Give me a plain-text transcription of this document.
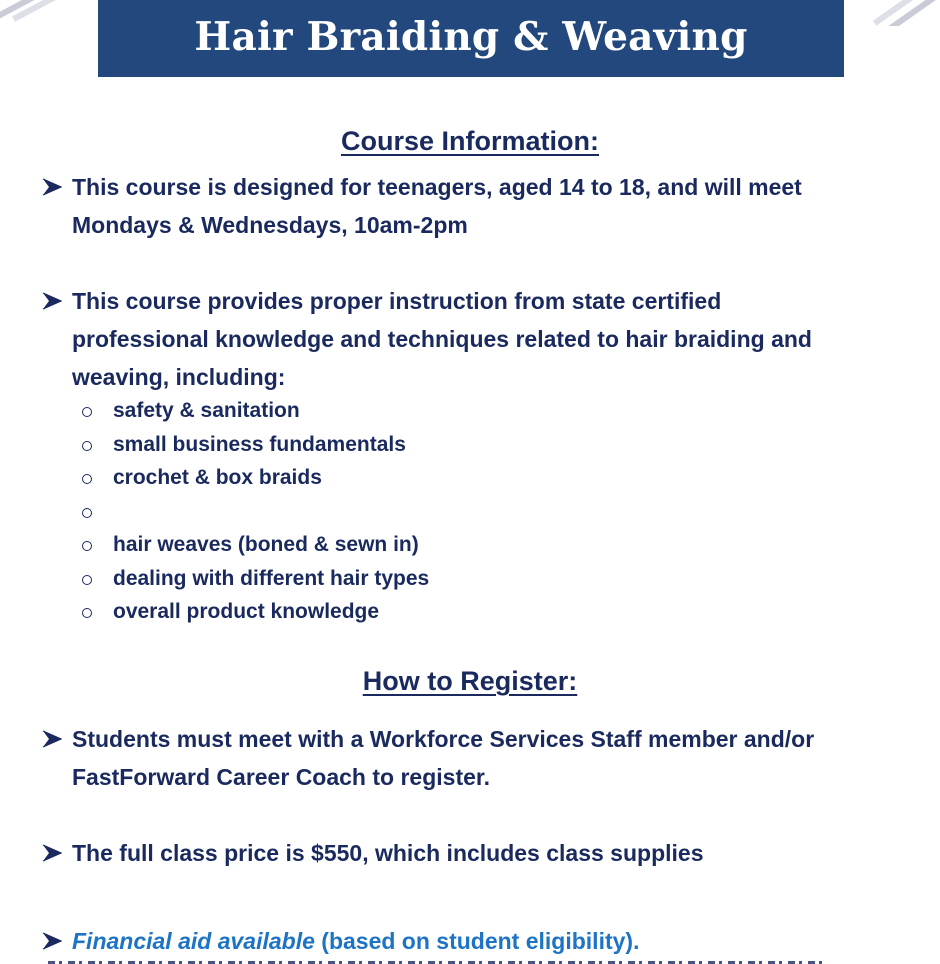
Hair Braiding & Weaving
Course Information:
This course is designed for teenagers, aged 14 to 18, and will meet
Mondays & Wednesdays, 10am-2pm
This course provides proper instruction from state certified
professional knowledge and techniques related to hair braiding and
weaving, including:
safety & sanitation
small business fundamentals
crochet & box braids
hair weaves (boned & sewn in)
dealing with different hair types
overall product knowledge
How to Register:
Students must meet with a Workforce Services Staff member and/or
FastForward Career Coach to register.
The full class price is $550, which includes class supplies
Financial aid available (based on student eligibility).
